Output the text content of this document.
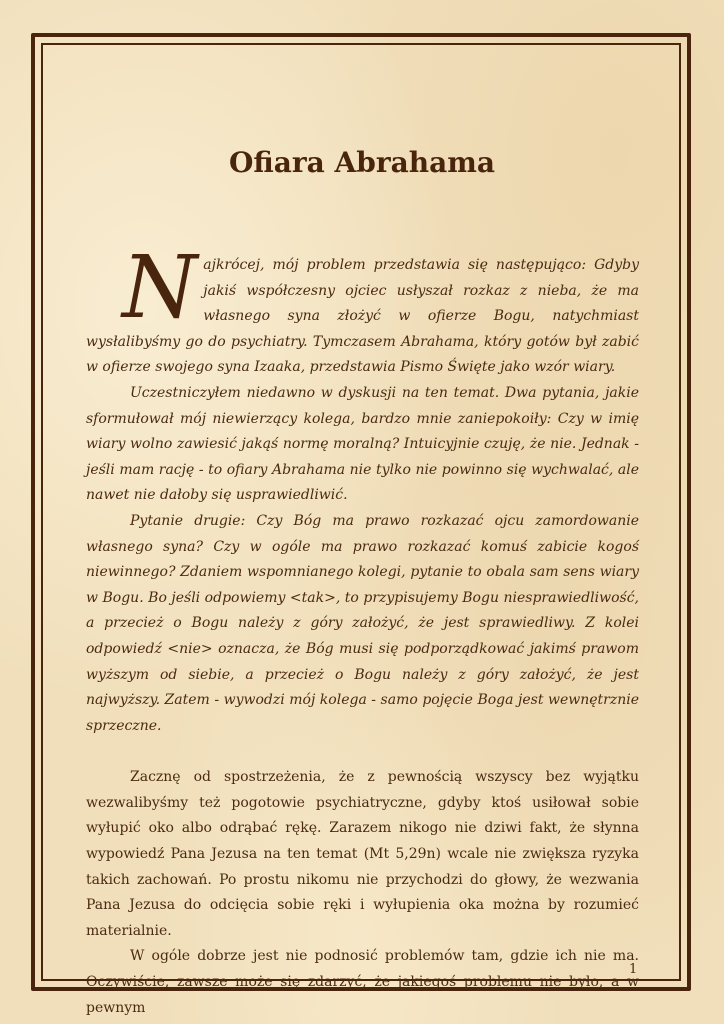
Ofiara Abrahama

Najkrócej, mój problem przedstawia się następująco: Gdyby jakiś współczesny ojciec usłyszał rozkaz z nieba, że ma własnego syna złożyć w ofierze Bogu, natychmiast wysłalibyśmy go do psychiatry. Tymczasem Abrahama, który gotów był zabić w ofierze swojego syna Izaaka, przedstawia Pismo Święte jako wzór wiary.

Uczestniczyłem niedawno w dyskusji na ten temat. Dwa pytania, jakie sformułował mój niewierzący kolega, bardzo mnie zaniepokoiły: Czy w imię wiary wolno zawiesić jakąś normę moralną? Intuicyjnie czuję, że nie. Jednak - jeśli mam rację - to ofiary Abrahama nie tylko nie powinno się wychwalać, ale nawet nie dałoby się usprawiedliwić.

Pytanie drugie: Czy Bóg ma prawo rozkazać ojcu zamordowanie własnego syna? Czy w ogóle ma prawo rozkazać komuś zabicie kogoś niewinnego? Zdaniem wspomnianego kolegi, pytanie to obala sam sens wiary w Bogu. Bo jeśli odpowiemy <tak>, to przypisujemy Bogu niesprawiedliwość, a przecież o Bogu należy z góry założyć, że jest sprawiedliwy. Z kolei odpowiedź <nie> oznacza, że Bóg musi się podporządkować jakimś prawom wyższym od siebie, a przecież o Bogu należy z góry założyć, że jest najwyższy. Zatem - wywodzi mój kolega - samo pojęcie Boga jest wewnętrznie sprzeczne.

Zacznę od spostrzeżenia, że z pewnością wszyscy bez wyjątku wezwalibyśmy też pogotowie psychiatryczne, gdyby ktoś usiłował sobie wyłupić oko albo odrąbać rękę. Zarazem nikogo nie dziwi fakt, że słynna wypowiedź Pana Jezusa na ten temat (Mt 5,29n) wcale nie zwiększa ryzyka takich zachowań. Po prostu nikomu nie przychodzi do głowy, że wezwania Pana Jezusa do odcięcia sobie ręki i wyłupienia oka można by rozumieć materialnie.

W ogóle dobrze jest nie podnosić problemów tam, gdzie ich nie ma. Oczywiście, zawsze może się zdarzyć, że jakiegoś problemu nie było, a w pewnym

1
